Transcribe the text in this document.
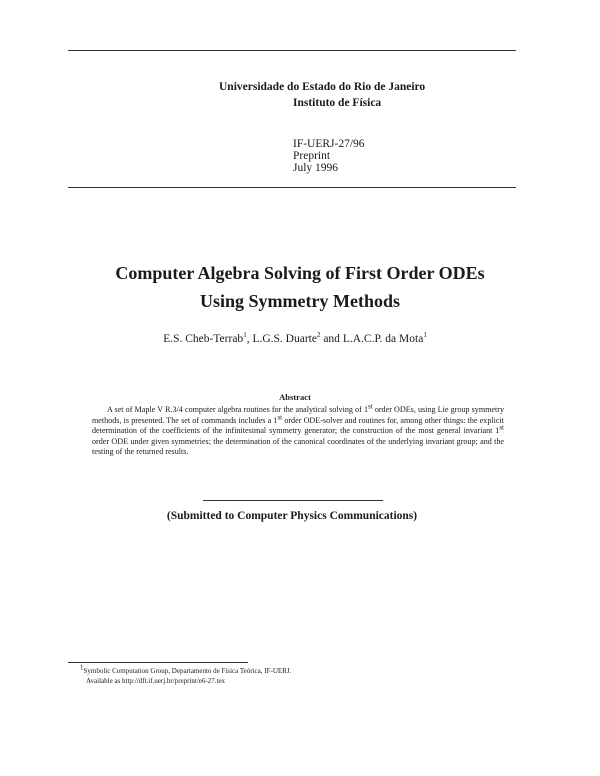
Universidade do Estado do Rio de Janeiro
Instituto de Física
IF-UERJ-27/96
Preprint
July 1996
Computer Algebra Solving of First Order ODEs
Using Symmetry Methods
E.S. Cheb-Terrab$^1$, L.G.S. Duarte$^2$ and L.A.C.P. da Mota$^1$
Abstract
A set of Maple V R.3/4 computer algebra routines for the analytical solving of 1st order ODEs, using Lie group symmetry methods, is presented. The set of commands includes a 1st order ODE-solver and routines for, among other things: the explicit determination of the coefficients of the infinitesimal symmetry generator; the construction of the most general invariant 1st order ODE under given symmetries; the determination of the canonical coordinates of the underlying invariant group; and the testing of the returned results.
(Submitted to Computer Physics Communications)
$^1$Symbolic Computation Group, Departamento de Física Teórica, IF-UERJ.
Available as http://dft.if.uerj.br/preprint/e6-27.tex
